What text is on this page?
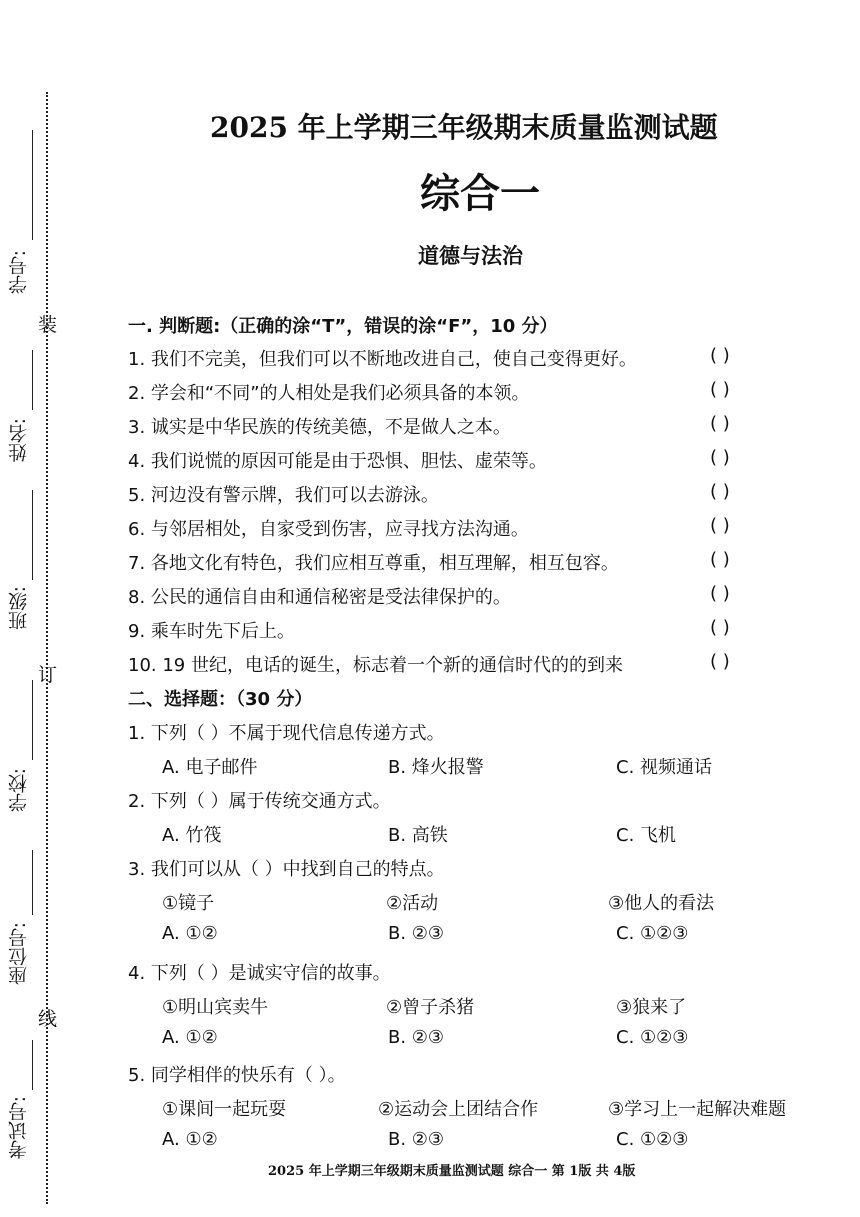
学号:
姓名:
班级:
学校:
座位号:
考试号:
装
订
线
2025 年上学期三年级期末质量监测试题
综合一
道德与法治
一. 判断题:（正确的涂“T”，错误的涂“F”，10 分）
1. 我们不完美，但我们可以不断地改进自己，使自己变得更好。	( )
2. 学会和“不同”的人相处是我们必须具备的本领。	( )
3. 诚实是中华民族的传统美德，不是做人之本。	( )
4. 我们说慌的原因可能是由于恐惧、胆怯、虚荣等。	( )
5. 河边没有警示牌，我们可以去游泳。	( )
6. 与邻居相处，自家受到伤害，应寻找方法沟通。	( )
7. 各地文化有特色，我们应相互尊重，相互理解，相互包容。	( )
8. 公民的通信自由和通信秘密是受法律保护的。	( )
9. 乘车时先下后上。	( )
10. 19 世纪，电话的诞生，标志着一个新的通信时代的的到来	( )
二、选择题：（30 分）
1. 下列（ ）不属于现代信息传递方式。
A. 电子邮件	B. 烽火报警	C. 视频通话
2. 下列（ ）属于传统交通方式。
A. 竹筏	B. 高铁	C. 飞机
3. 我们可以从（ ）中找到自己的特点。
①镜子	②活动	③他人的看法
A. ①②	B. ②③	C. ①②③
4. 下列（ ）是诚实守信的故事。
①明山宾卖牛	②曾子杀猪	③狼来了
A. ①②	B. ②③	C. ①②③
5. 同学相伴的快乐有（ ）。
①课间一起玩耍	②运动会上团结合作	③学习上一起解决难题
A. ①②	B. ②③	C. ①②③
2025 年上学期三年级期末质量监测试题 综合一 第 1版 共 4版
